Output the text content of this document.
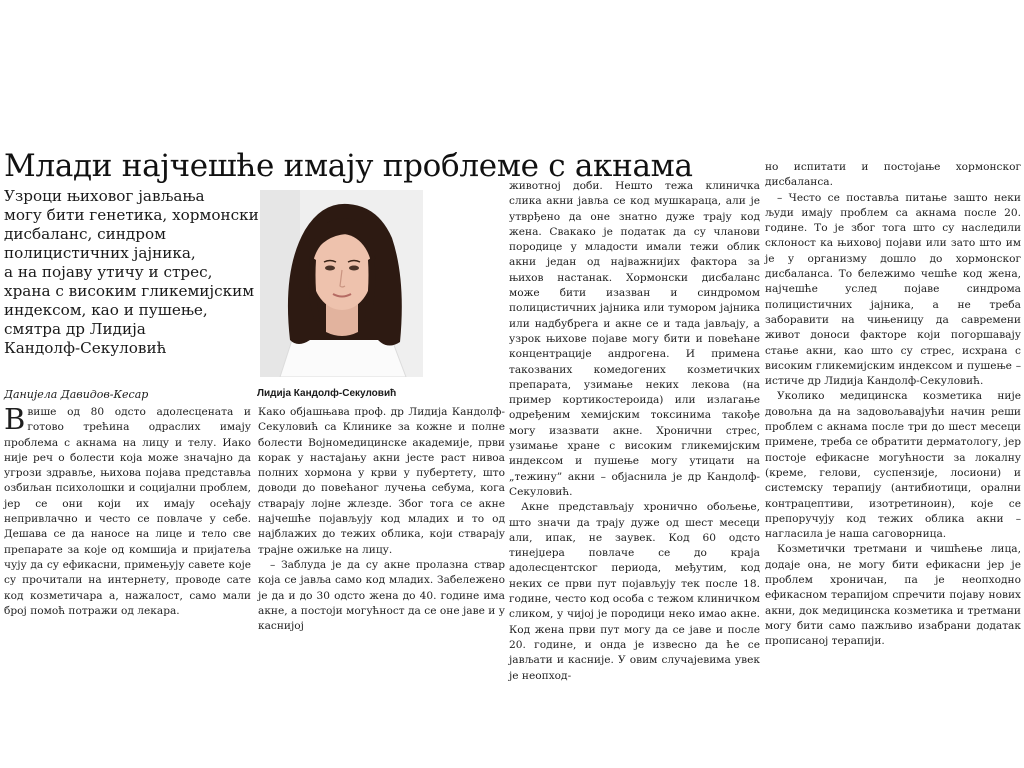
Млади најчешће имају проблеме с акнама
Узроци њиховог јављања
могу бити генетика, хормонски
дисбаланс, синдром
полицистичних јајника,
а на појаву утичу и стрес,
храна с високим гликемијским
индексом, као и пушење,
смятра др Лидија
Кандолф-Секуловић
Лидија Кандолф-Секуловић
Данијела Давидов-Кесар

Ввише од 80 одсто адолесцената и готово трећина одраслих имају проблема с акнама на лицу и телу. Иако није реч о болести која може значајно да угрози здравље, њихова појава представља озбиљан психолошки и социјални проблем, јер се они који их имају осећају непривлачно и често се повлаче у себе. Дешава се да наносе на лице и тело све препарате за које од комшија и пријатеља чују да су ефикасни, примењују савете које су прочитали на интернету, проводе сате код козметичара а, нажалост, само мали број помоћ потражи од лекара.

Како објашњава проф. др Лидија Кандолф-Секуловић са Клинике за кожне и полне болести Војномедицинске академије, први корак у настајању акни јесте раст нивоа полних хормона у крви у пубертету, што доводи до повећаног лучења себума, кога стварају лојне жлезде. Због тога се акне најчешће појављују код младих и то од најблажих до тежих облика, који стварају трајне ожиљке на лицу.

– Заблуда је да су акне пролазна ствар која се јавља само код младих. Забележено је да и до 30 одсто жена до 40. године има акне, а постоји могућност да се оне јаве и у каснијој

животној доби. Нешто тежа клиничка слика акни јавља се код мушкараца, али је утврђено да оне знатно дуже трају код жена. Свакако је податак да су чланови породице у младости имали тежи облик акни један од најважнијих фактора за њихов настанак. Хормонски дисбаланс може бити изазван и синдромом полицистичних јајника или тумором јајника или надбубрега и акне се и тада јављају, а узрок њихове појаве могу бити и повећане концентрације андрогена. И примена такозваних комедогених козметичких препарата, узимање неких лекова (на пример кортикостероида) или излагање одређеним хемијским токсинима такође могу изазвати акне. Хронични стрес, узимање хране с високим гликемијским индексом и пушење могу утицати на „тежину” акни – објаснила је др Кандолф-Секуловић.

Акне представљају хронично обољење, што значи да трају дуже од шест месеци али, ипак, не заувек. Код 60 одсто тинејџера повлаче се до краја адолесцентског периода, међутим, код неких се први пут појављују тек после 18. године, често код особа с тежом клиничком сликом, у чијој је породици неко имао акне. Код жена први пут могу да се јаве и после 20. године, и онда је извесно да ће се јављати и касније. У овим случајевима увек је неопход-

но испитати и постојање хормонског дисбаланса.

– Често се поставља питање зашто неки људи имају проблем са акнама после 20. године. То је због тога што су наследили склоност ка њиховој појави или зато што им је у организму дошло до хормонског дисбаланса. То бележимо чешће код жена, најчешће услед појаве синдрома полицистичних јајника, а не треба заборавити на чињеницу да савремени живот доноси факторе који погоршавају стање акни, као што су стрес, исхрана с високим гликемијским индексом и пушење – истиче др Лидија Кандолф-Секуловић.

Уколико медицинска козметика није довољна да на задовољавајући начин реши проблем с акнама после три до шест месеци примене, треба се обратити дерматологу, јер постоје ефикасне могућности за локалну (креме, гелови, суспензије, лосиони) и системску терапију (антибиотици, орални контрацептиви, изотретиноин), које се препоручују код тежих облика акни – нагласила је наша саговорница.

Козметички третмани и чишћење лица, додаје она, не могу бити ефикасни јер је проблем хроничан, па је неопходно ефикасном терапијом спречити појаву нових акни, док медицинска козметика и третмани могу бити само пажљиво изабрани додатак прописаној терапији.
